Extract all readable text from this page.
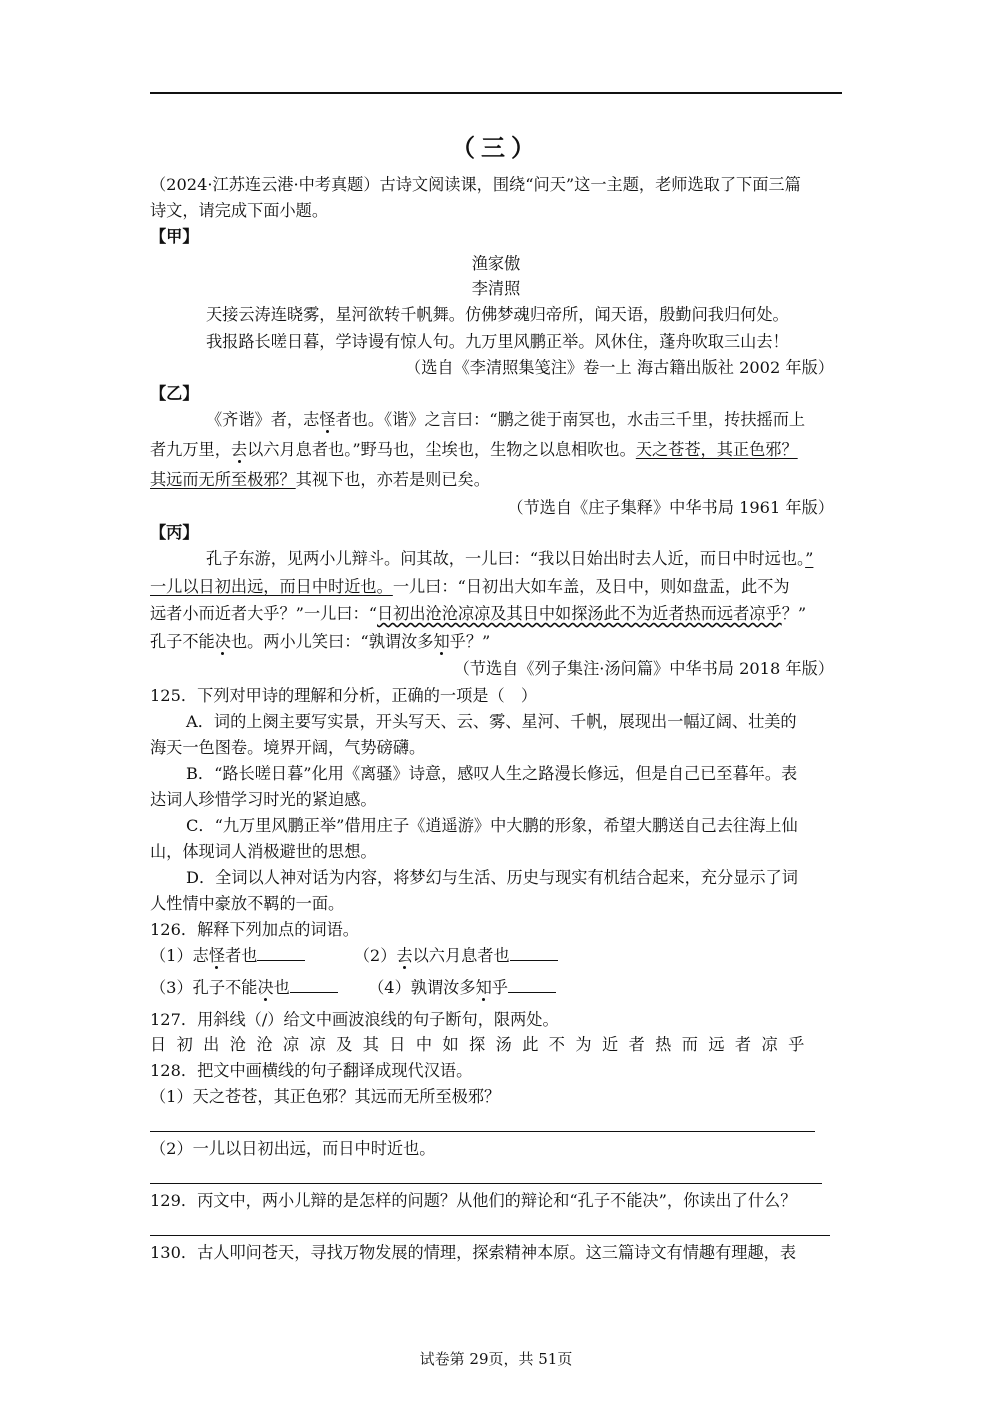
（三）
（2024·江苏连云港·中考真题）古诗文阅读课，围绕“问天”这一主题，老师选取了下面三篇
诗文，请完成下面小题。
【甲】
渔家傲
李清照
天接云涛连晓雾，星河欲转千帆舞。仿佛梦魂归帝所，闻天语，殷勤问我归何处。
我报路长嗟日暮，学诗谩有惊人句。九万里风鹏正举。风休住，蓬舟吹取三山去！
（选自《李清照集笺注》卷一上 海古籍出版社 2002 年版）
【乙】
《齐谐》者，志怪者也。《谐》之言曰：“鹏之徙于南冥也，水击三千里，抟扶摇而上
者九万里，去以六月息者也。”野马也，尘埃也，生物之以息相吹也。天之苍苍，其正色邪？
其远而无所至极邪？其视下也，亦若是则已矣。
（节选自《庄子集释》中华书局 1961 年版）
【丙】
孔子东游，见两小儿辩斗。问其故，一儿曰：“我以日始出时去人近，而日中时远也。”
一儿以日初出远，而日中时近也。一儿曰：“日初出大如车盖，及日中，则如盘盂，此不为
远者小而近者大乎？”一儿曰：“日初出沧沧凉凉及其日中如探汤此不为近者热而远者凉乎？”
孔子不能决也。两小儿笑曰：“孰谓汝多知乎？”
（节选自《列子集注·汤问篇》中华书局 2018 年版）
125．下列对甲诗的理解和分析，正确的一项是（　）
A．词的上阕主要写实景，开头写天、云、雾、星河、千帆，展现出一幅辽阔、壮美的
海天一色图卷。境界开阔，气势磅礴。
B．“路长嗟日暮”化用《离骚》诗意，感叹人生之路漫长修远，但是自己已至暮年。表
达词人珍惜学习时光的紧迫感。
C．“九万里风鹏正举”借用庄子《逍遥游》中大鹏的形象，希望大鹏送自己去往海上仙
山，体现词人消极避世的思想。
D．全词以人神对话为内容，将梦幻与生活、历史与现实有机结合起来，充分显示了词
人性情中豪放不羁的一面。
126．解释下列加点的词语。
（1）志怪者也	（2）去以六月息者也
（3）孔子不能决也	（4）孰谓汝多知乎
127．用斜线（/）给文中画波浪线的句子断句，限两处。
日初出沧沧凉凉及其日中如探汤此不为近者热而远者凉乎
128．把文中画横线的句子翻译成现代汉语。
（1）天之苍苍，其正色邪？其远而无所至极邪？
（2）一儿以日初出远，而日中时近也。
129．丙文中，两小儿辩的是怎样的问题？从他们的辩论和“孔子不能决”，你读出了什么？
130．古人叩问苍天，寻找万物发展的情理，探索精神本原。这三篇诗文有情趣有理趣，表
试卷第 29页，共 51页
